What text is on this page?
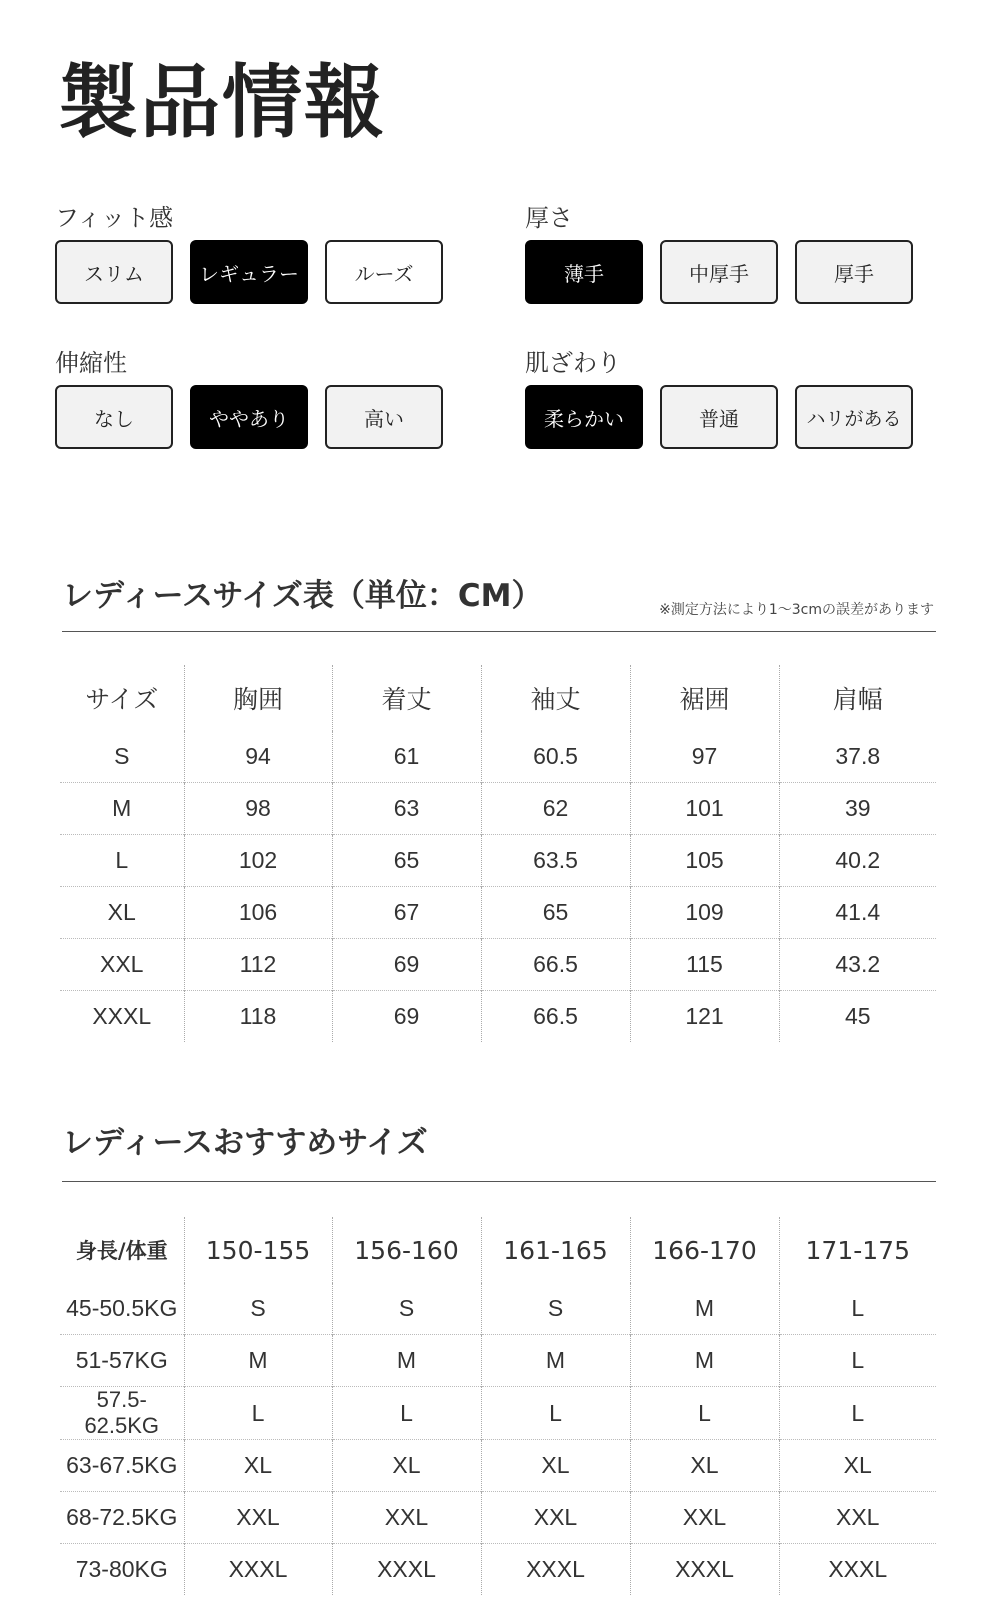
製品情報
フィット感
スリム	レギュラー	ルーズ
厚さ
薄手	中厚手	厚手
伸縮性
なし	ややあり	高い
肌ざわり
柔らかい	普通	ハリがある
レディースサイズ表（単位：CM）	※測定方法により1～3cmの誤差があります
サイズ	胸囲	着丈	袖丈	裾囲	肩幅
S	94	61	60.5	97	37.8
M	98	63	62	101	39
L	102	65	63.5	105	40.2
XL	106	67	65	109	41.4
XXL	112	69	66.5	115	43.2
XXXL	118	69	66.5	121	45
レディースおすすめサイズ
身長/体重	150-155	156-160	161-165	166-170	171-175
45-50.5KG	S	S	S	M	L
51-57KG	M	M	M	M	L
57.5-62.5KG	L	L	L	L	L
63-67.5KG	XL	XL	XL	XL	XL
68-72.5KG	XXL	XXL	XXL	XXL	XXL
73-80KG	XXXL	XXXL	XXXL	XXXL	XXXL
